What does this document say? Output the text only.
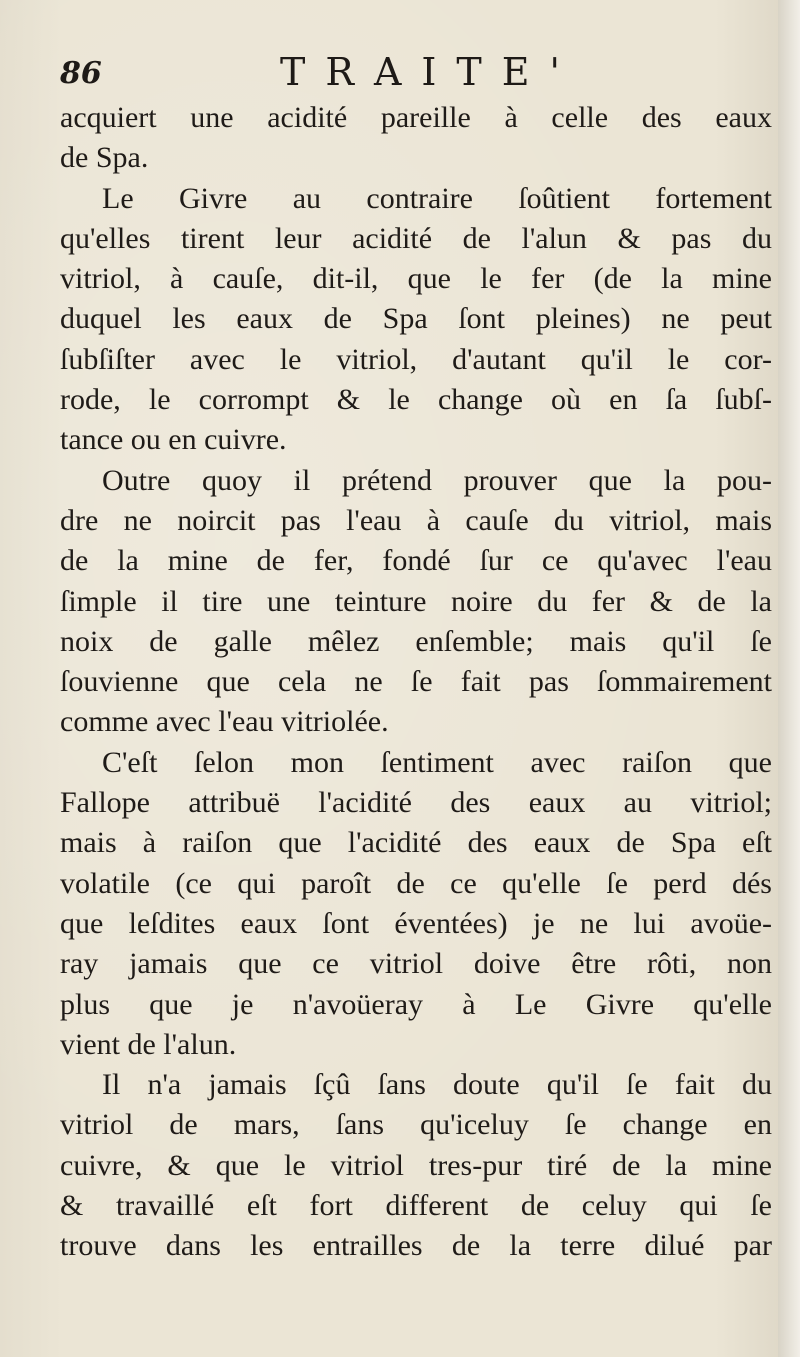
86	TRAITE'
acquiert une acidité pareille à celle des eaux
de Spa.
Le Givre au contraire ſoûtient fortement
qu'elles tirent leur acidité de l'alun & pas du
vitriol, à cauſe, dit-il, que le fer (de la mine
duquel les eaux de Spa ſont pleines) ne peut
ſubſiſter avec le vitriol, d'autant qu'il le cor-
rode, le corrompt & le change où en ſa ſubſ-
tance ou en cuivre.
Outre quoy il prétend prouver que la pou-
dre ne noircit pas l'eau à cauſe du vitriol, mais
de la mine de fer, fondé ſur ce qu'avec l'eau
ſimple il tire une teinture noire du fer & de la
noix de galle mêlez enſemble; mais qu'il ſe
ſouvienne que cela ne ſe fait pas ſommairement
comme avec l'eau vitriolée.
C'eſt ſelon mon ſentiment avec raiſon que
Fallope attribuë l'acidité des eaux au vitriol;
mais à raiſon que l'acidité des eaux de Spa eſt
volatile (ce qui paroît de ce qu'elle ſe perd dés
que leſdites eaux ſont éventées) je ne lui avoüe-
ray jamais que ce vitriol doive être rôti, non
plus que je n'avoüeray à Le Givre qu'elle
vient de l'alun.
Il n'a jamais ſçû ſans doute qu'il ſe fait du
vitriol de mars, ſans qu'iceluy ſe change en
cuivre, & que le vitriol tres-pur tiré de la mine
& travaillé eſt fort different de celuy qui ſe
trouve dans les entrailles de la terre dilué par
